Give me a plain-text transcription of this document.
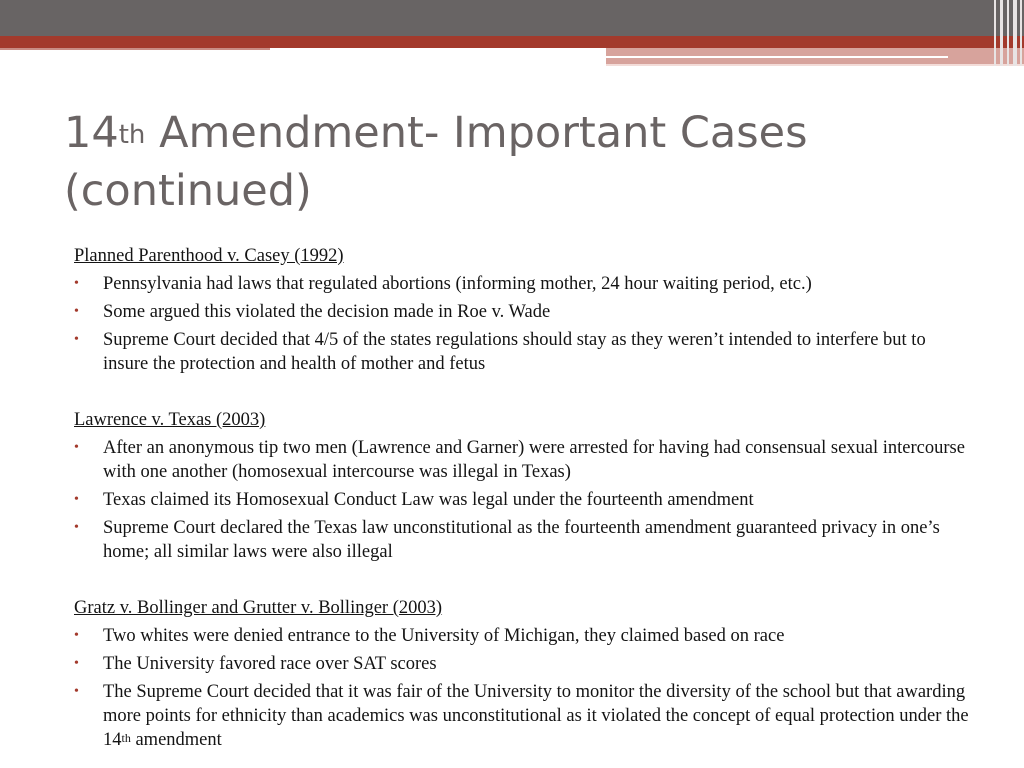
14th Amendment- Important Cases
(continued)

Planned Parenthood v. Casey (1992)

• Pennsylvania had laws that regulated abortions (informing mother, 24 hour waiting period, etc.)
• Some argued this violated the decision made in Roe v. Wade
• Supreme Court decided that 4/5 of the states regulations should stay as they weren’t intended to interfere but to insure the protection and health of mother and fetus

Lawrence v. Texas (2003)

• After an anonymous tip two men (Lawrence and Garner) were arrested for having had consensual sexual intercourse with one another (homosexual intercourse was illegal in Texas)
• Texas claimed its Homosexual Conduct Law was legal under the fourteenth amendment
• Supreme Court declared the Texas law unconstitutional as the fourteenth amendment guaranteed privacy in one’s home; all similar laws were also illegal

Gratz v. Bollinger and Grutter v. Bollinger (2003)

• Two whites were denied entrance to the University of Michigan, they claimed based on race
• The University favored race over SAT scores
• The Supreme Court decided that it was fair of the University to monitor the diversity of the school but that awarding more points for ethnicity than academics was unconstitutional as it violated the concept of equal protection under the 14th amendment
